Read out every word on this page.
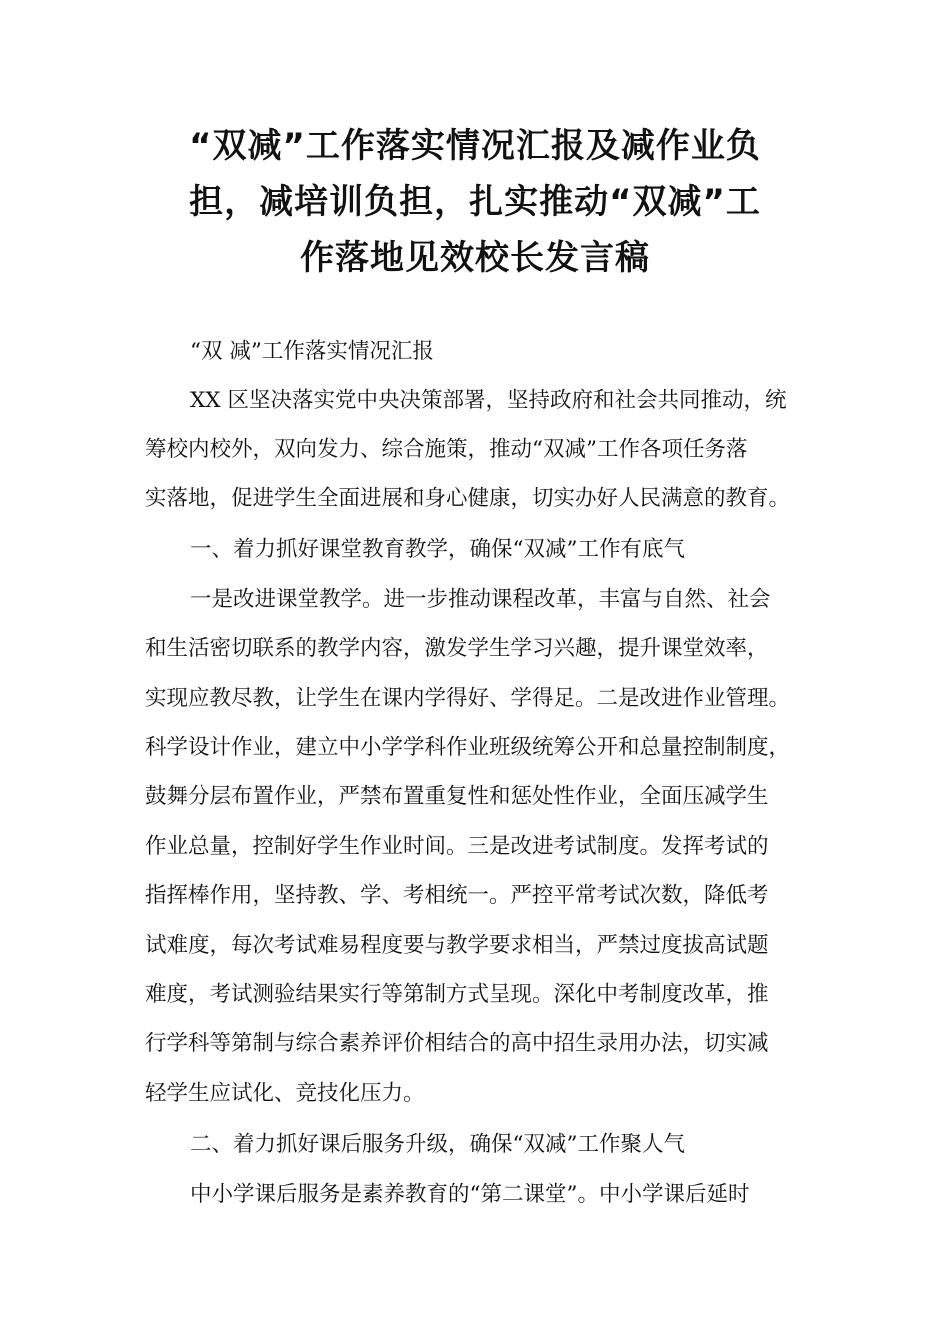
“双减”工作落实情况汇报及减作业负
担，减培训负担，扎实推动“双减”工
作落地见效校长发言稿
“双 减”工作落实情况汇报
XX 区坚决落实党中央决策部署，坚持政府和社会共同推动，统
筹校内校外，双向发力、综合施策，推动“双减”工作各项任务落
实落地，促进学生全面进展和身心健康，切实办好人民满意的教育。
一、着力抓好课堂教育教学，确保“双减”工作有底气
一是改进课堂教学。进一步推动课程改革，丰富与自然、社会
和生活密切联系的教学内容，激发学生学习兴趣，提升课堂效率，
实现应教尽教，让学生在课内学得好、学得足。二是改进作业管理。
科学设计作业，建立中小学学科作业班级统筹公开和总量控制制度，
鼓舞分层布置作业，严禁布置重复性和惩处性作业，全面压减学生
作业总量，控制好学生作业时间。三是改进考试制度。发挥考试的
指挥棒作用，坚持教、学、考相统一。严控平常考试次数，降低考
试难度，每次考试难易程度要与教学要求相当，严禁过度拔高试题
难度，考试测验结果实行等第制方式呈现。深化中考制度改革，推
行学科等第制与综合素养评价相结合的高中招生录用办法，切实减
轻学生应试化、竞技化压力。
二、着力抓好课后服务升级，确保“双减”工作聚人气
中小学课后服务是素养教育的“第二课堂”。中小学课后延时
